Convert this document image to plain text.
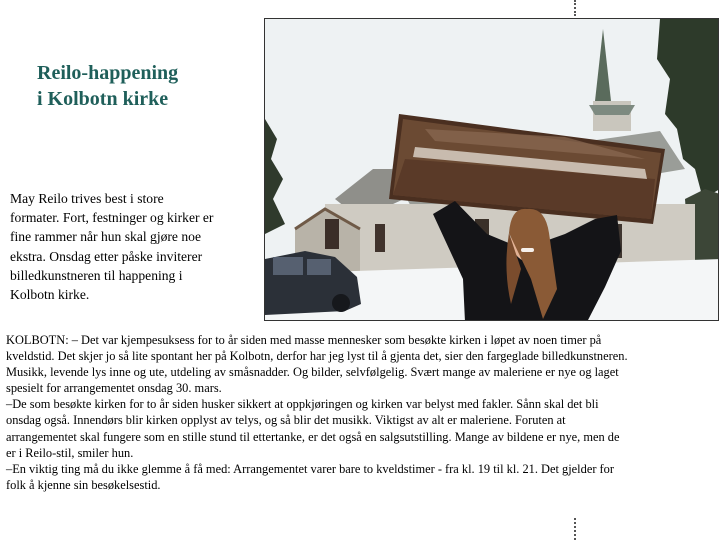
Reilo-happening
i Kolbotn kirke
May Reilo trives best i store
formater. Fort, festninger og kirker er
fine rammer når hun skal gjøre noe
ekstra. Onsdag etter påske inviterer
billedkunstneren til happening i
Kolbotn kirke.
KOLBOTN: – Det var kjempesuksess for to år siden med masse mennesker som besøkte kirken i løpet av noen timer på
kveldstid. Det skjer jo så lite spontant her på Kolbotn, derfor har jeg lyst til å gjenta det, sier den fargeglade billedkunstneren.
Musikk, levende lys inne og ute, utdeling av småsnadder. Og bilder, selvfølgelig. Svært mange av maleriene er nye og laget
spesielt for arrangementet onsdag 30. mars.
–De som besøkte kirken for to år siden husker sikkert at oppkjøringen og kirken var belyst med fakler. Sånn skal det bli
onsdag også. Innendørs blir kirken opplyst av telys, og så blir det musikk. Viktigst av alt er maleriene. Foruten at
arrangementet skal fungere som en stille stund til ettertanke, er det også en salgsutstilling. Mange av bildene er nye, men de
er i Reilo-stil, smiler hun.
–En viktig ting må du ikke glemme å få med: Arrangementet varer bare to kveldstimer - fra kl. 19 til kl. 21. Det gjelder for
folk å kjenne sin besøkelsestid.
